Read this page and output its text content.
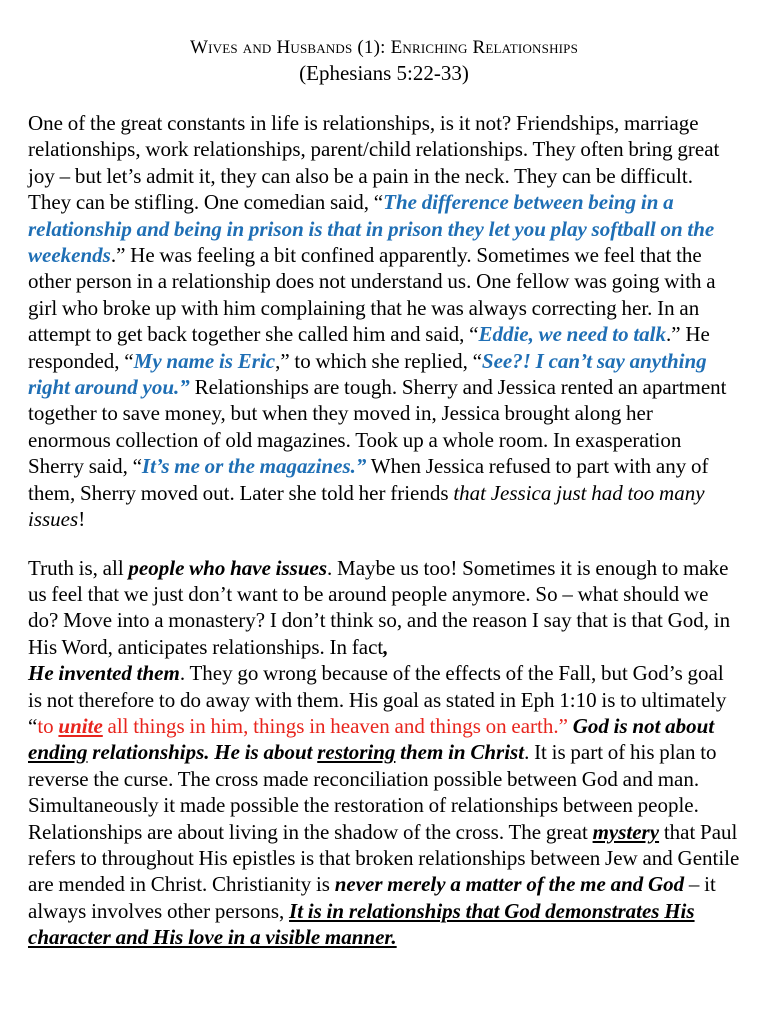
Wives and Husbands (1): Enriching Relationships
(Ephesians 5:22-33)

One of the great constants in life is relationships, is it not? Friendships, marriage relationships, work relationships, parent/child relationships. They often bring great joy – but let’s admit it, they can also be a pain in the neck. They can be difficult. They can be stifling. One comedian said, “The difference between being in a relationship and being in prison is that in prison they let you play softball on the weekends.” He was feeling a bit confined apparently. Sometimes we feel that the other person in a relationship does not understand us. One fellow was going with a girl who broke up with him complaining that he was always correcting her. In an attempt to get back together she called him and said, “Eddie, we need to talk.” He responded, “My name is Eric,” to which she replied, “See?! I can’t say anything right around you.” Relationships are tough. Sherry and Jessica rented an apartment together to save money, but when they moved in, Jessica brought along her enormous collection of old magazines. Took up a whole room. In exasperation Sherry said, “It’s me or the magazines.” When Jessica refused to part with any of them, Sherry moved out. Later she told her friends that Jessica just had too many issues!

Truth is, all people who have issues. Maybe us too! Sometimes it is enough to make us feel that we just don’t want to be around people anymore. So – what should we do? Move into a monastery? I don’t think so, and the reason I say that is that God, in His Word, anticipates relationships. In fact,
He invented them. They go wrong because of the effects of the Fall, but God’s goal is not therefore to do away with them. His goal as stated in Eph 1:10 is to ultimately “to unite all things in him, things in heaven and things on earth.” God is not about ending relationships. He is about restoring them in Christ. It is part of his plan to reverse the curse. The cross made reconciliation possible between God and man. Simultaneously it made possible the restoration of relationships between people. Relationships are about living in the shadow of the cross. The great mystery that Paul refers to throughout His epistles is that broken relationships between Jew and Gentile are mended in Christ. Christianity is never merely a matter of the me and God – it always involves other persons, It is in relationships that God demonstrates His character and His love in a visible manner.
